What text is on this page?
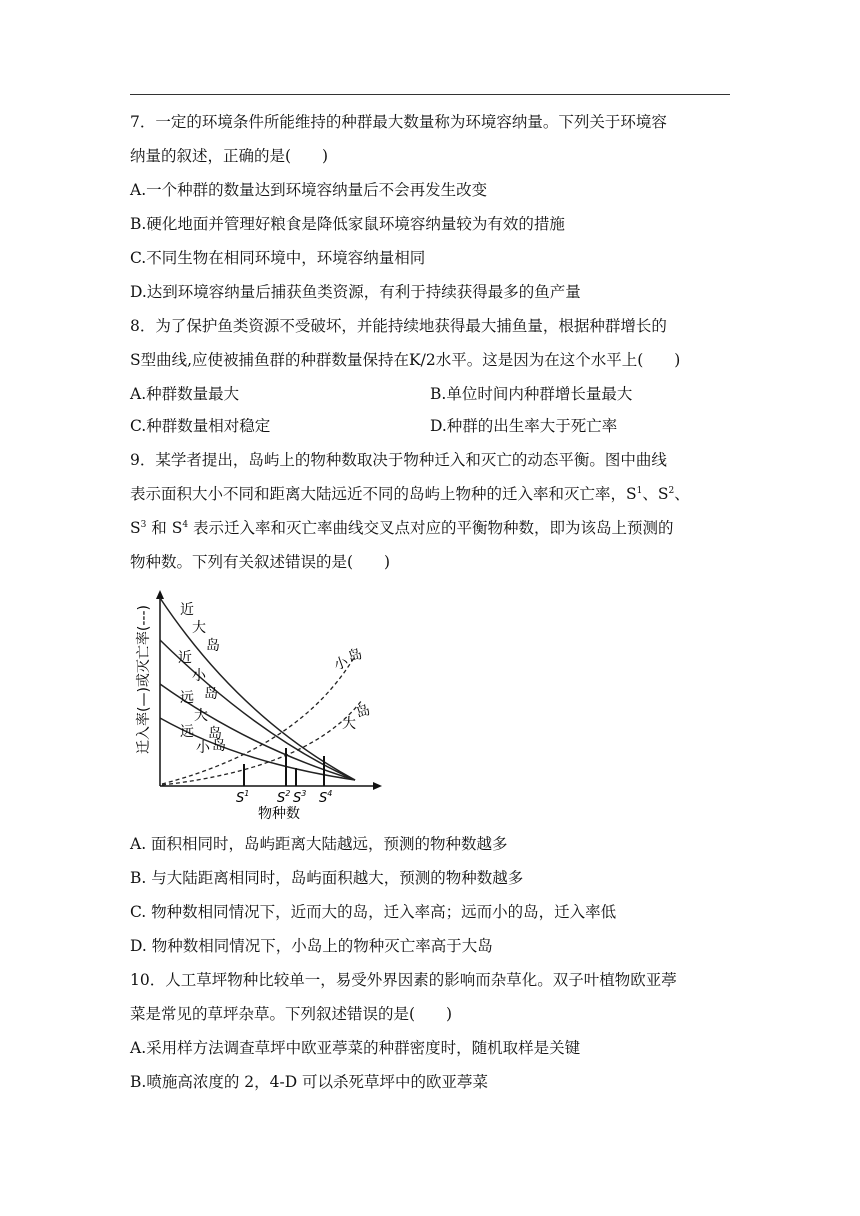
7．一定的环境条件所能维持的种群最大数量称为环境容纳量。下列关于环境容
纳量的叙述，正确的是(　　)
A.一个种群的数量达到环境容纳量后不会再发生改变
B.硬化地面并管理好粮食是降低家鼠环境容纳量较为有效的措施
C.不同生物在相同环境中，环境容纳量相同
D.达到环境容纳量后捕获鱼类资源，有利于持续获得最多的鱼产量
8．为了保护鱼类资源不受破坏，并能持续地获得最大捕鱼量，根据种群增长的
S型曲线,应使被捕鱼群的种群数量保持在K/2水平。这是因为在这个水平上(　　)
A.种群数量最大	B.单位时间内种群增长量最大
C.种群数量相对稳定	D.种群的出生率大于死亡率
9．某学者提出，岛屿上的物种数取决于物种迁入和灭亡的动态平衡。图中曲线
表示面积大小不同和距离大陆远近不同的岛屿上物种的迁入率和灭亡率，$S^1$、$S^2$、
$S^3$ 和 $S^4$ 表示迁入率和灭亡率曲线交叉点对应的平衡物种数，即为该岛上预测的
物种数。下列有关叙述错误的是(　　)
迁入率(—)或灭亡率(---) 近
大
岛
近
小
岛
远
大
岛
远
小 岛
小
岛
大
岛
$S^1$ $S^2$ $S^3$ $S^4$
物种数
A. 面积相同时，岛屿距离大陆越远，预测的物种数越多
B. 与大陆距离相同时，岛屿面积越大，预测的物种数越多
C. 物种数相同情况下，近而大的岛，迁入率高；远而小的岛，迁入率低
D. 物种数相同情况下，小岛上的物种灭亡率高于大岛
10．人工草坪物种比较单一，易受外界因素的影响而杂草化。双子叶植物欧亚葶
菜是常见的草坪杂草。下列叙述错误的是(　　)
A.采用样方法调查草坪中欧亚葶菜的种群密度时，随机取样是关键
B.喷施高浓度的 2，4-D 可以杀死草坪中的欧亚葶菜
